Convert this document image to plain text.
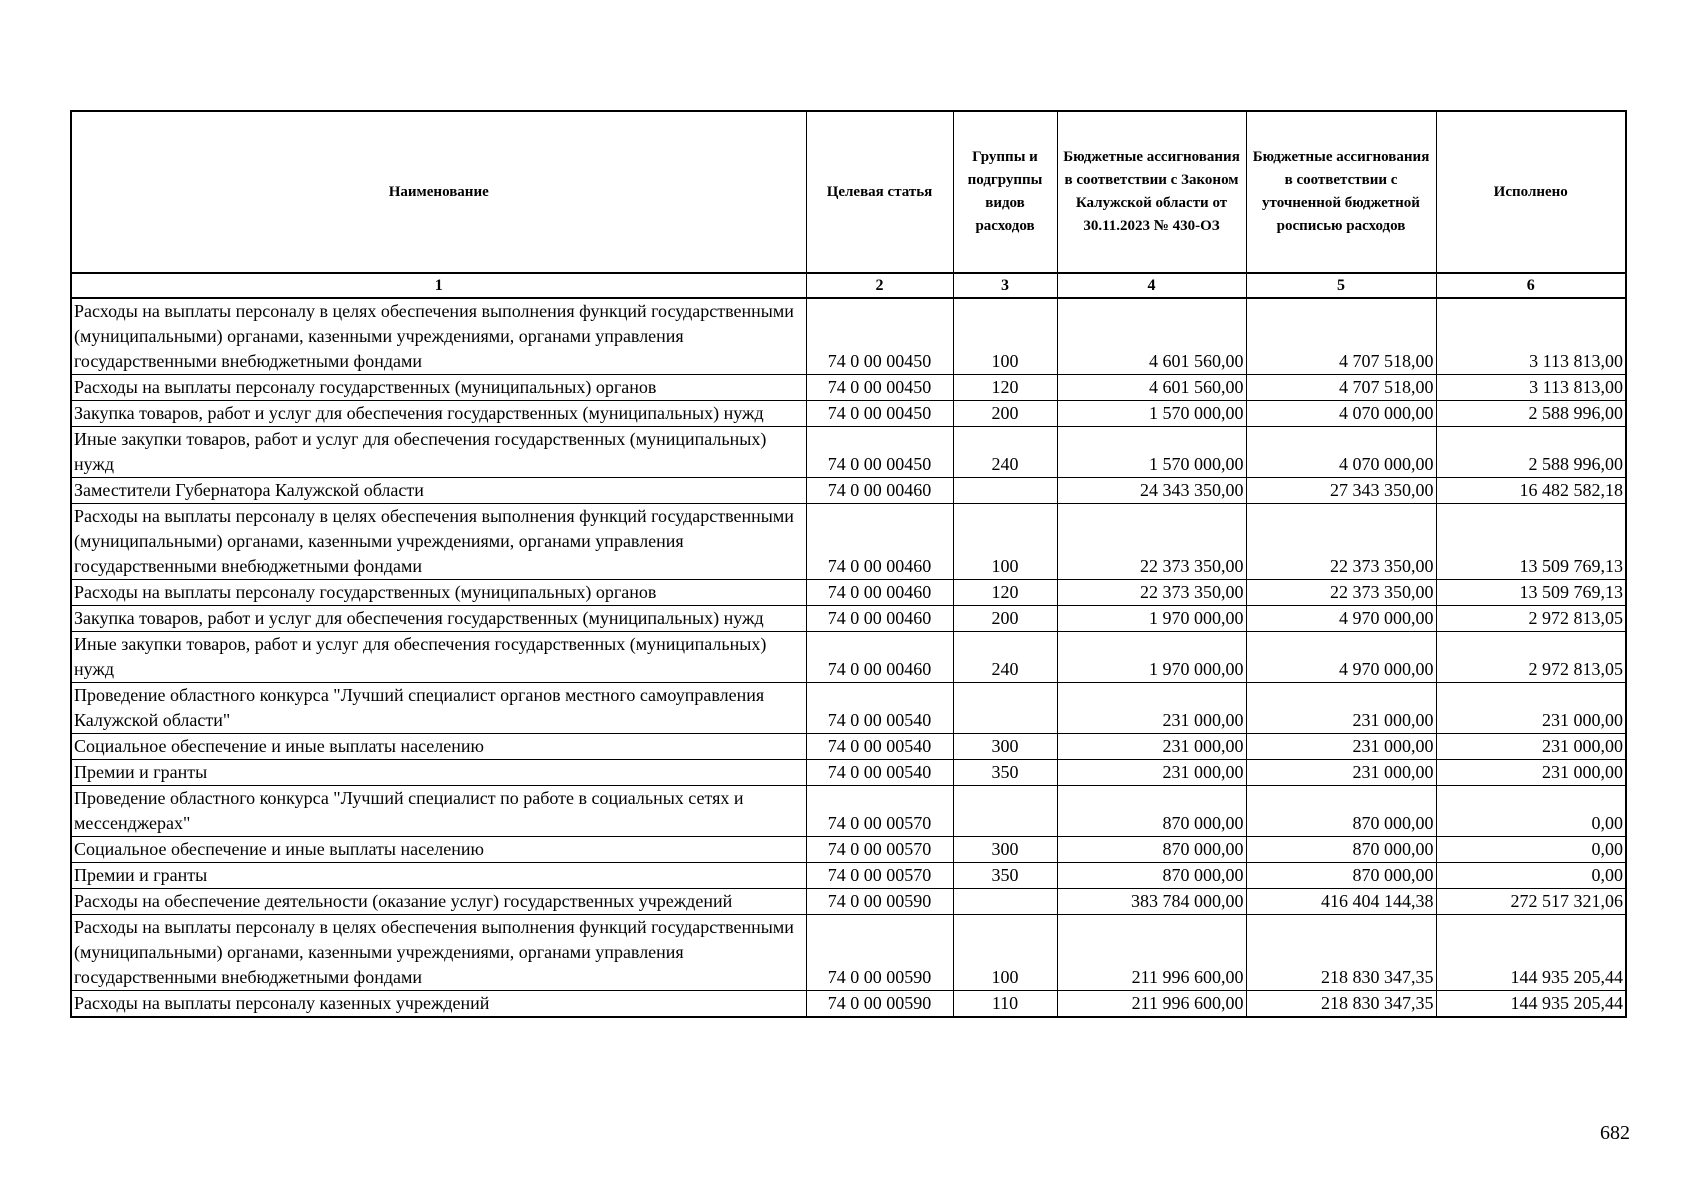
Наименование	Целевая статья	Группы и подгруппы видов расходов	Бюджетные ассигнования в соответствии с Законом Калужской области от 30.11.2023 № 430-ОЗ	Бюджетные ассигнования в соответствии с уточненной бюджетной росписью расходов	Исполнено
1	2	3	4	5	6
Расходы на выплаты персоналу в целях обеспечения выполнения функций государственными (муниципальными) органами, казенными учреждениями, органами управления государственными внебюджетными фондами	74 0 00 00450	100	4 601 560,00	4 707 518,00	3 113 813,00
Расходы на выплаты персоналу государственных (муниципальных) органов	74 0 00 00450	120	4 601 560,00	4 707 518,00	3 113 813,00
Закупка товаров, работ и услуг для обеспечения государственных (муниципальных) нужд	74 0 00 00450	200	1 570 000,00	4 070 000,00	2 588 996,00
Иные закупки товаров, работ и услуг для обеспечения государственных (муниципальных) нужд	74 0 00 00450	240	1 570 000,00	4 070 000,00	2 588 996,00
Заместители Губернатора Калужской области	74 0 00 00460		24 343 350,00	27 343 350,00	16 482 582,18
Расходы на выплаты персоналу в целях обеспечения выполнения функций государственными (муниципальными) органами, казенными учреждениями, органами управления государственными внебюджетными фондами	74 0 00 00460	100	22 373 350,00	22 373 350,00	13 509 769,13
Расходы на выплаты персоналу государственных (муниципальных) органов	74 0 00 00460	120	22 373 350,00	22 373 350,00	13 509 769,13
Закупка товаров, работ и услуг для обеспечения государственных (муниципальных) нужд	74 0 00 00460	200	1 970 000,00	4 970 000,00	2 972 813,05
Иные закупки товаров, работ и услуг для обеспечения государственных (муниципальных) нужд	74 0 00 00460	240	1 970 000,00	4 970 000,00	2 972 813,05
Проведение областного конкурса "Лучший специалист органов местного самоуправления Калужской области"	74 0 00 00540		231 000,00	231 000,00	231 000,00
Социальное обеспечение и иные выплаты населению	74 0 00 00540	300	231 000,00	231 000,00	231 000,00
Премии и гранты	74 0 00 00540	350	231 000,00	231 000,00	231 000,00
Проведение областного конкурса "Лучший специалист по работе в социальных сетях и мессенджерах"	74 0 00 00570		870 000,00	870 000,00	0,00
Социальное обеспечение и иные выплаты населению	74 0 00 00570	300	870 000,00	870 000,00	0,00
Премии и гранты	74 0 00 00570	350	870 000,00	870 000,00	0,00
Расходы на обеспечение деятельности (оказание услуг) государственных учреждений	74 0 00 00590		383 784 000,00	416 404 144,38	272 517 321,06
Расходы на выплаты персоналу в целях обеспечения выполнения функций государственными (муниципальными) органами, казенными учреждениями, органами управления государственными внебюджетными фондами	74 0 00 00590	100	211 996 600,00	218 830 347,35	144 935 205,44
Расходы на выплаты персоналу казенных учреждений	74 0 00 00590	110	211 996 600,00	218 830 347,35	144 935 205,44
682
